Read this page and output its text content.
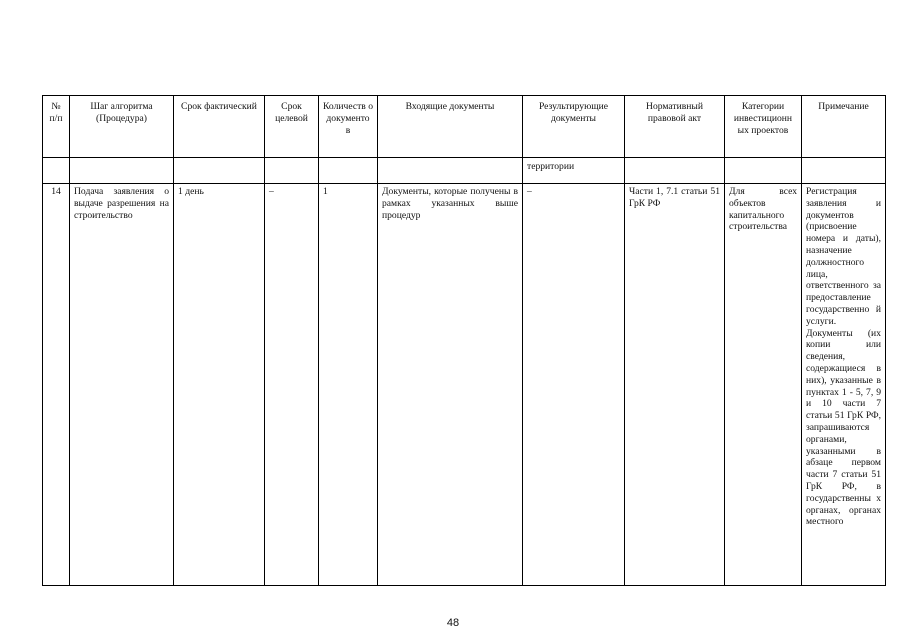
№ п/п	Шаг алгоритма (Процедура)	Срок фактический	Срок целевой	Количеств о документо в	Входящие документы	Результирующие документы	Нормативный правовой акт	Категории инвестиционн ых проектов	Примечание
						территории			
14	Подача заявления о выдаче разрешения на строительство	1 день	–	1	Документы, которые получены в рамках указанных выше процедур	–	Части 1, 7.1 статьи 51 ГрК РФ	Для всех объектов капитального строительства	Регистрация заявления и документов (присвоение номера и даты), назначение должностного лица, ответственного за предоставление государственно й услуги. Документы (их копии или сведения, содержащиеся в них), указанные в пунктах 1 - 5, 7, 9 и 10 части 7 статьи 51 ГрК РФ, запрашиваются органами, указанными в абзаце первом части 7 статьи 51 ГрК РФ, в государственны х органах, органах местного
48
